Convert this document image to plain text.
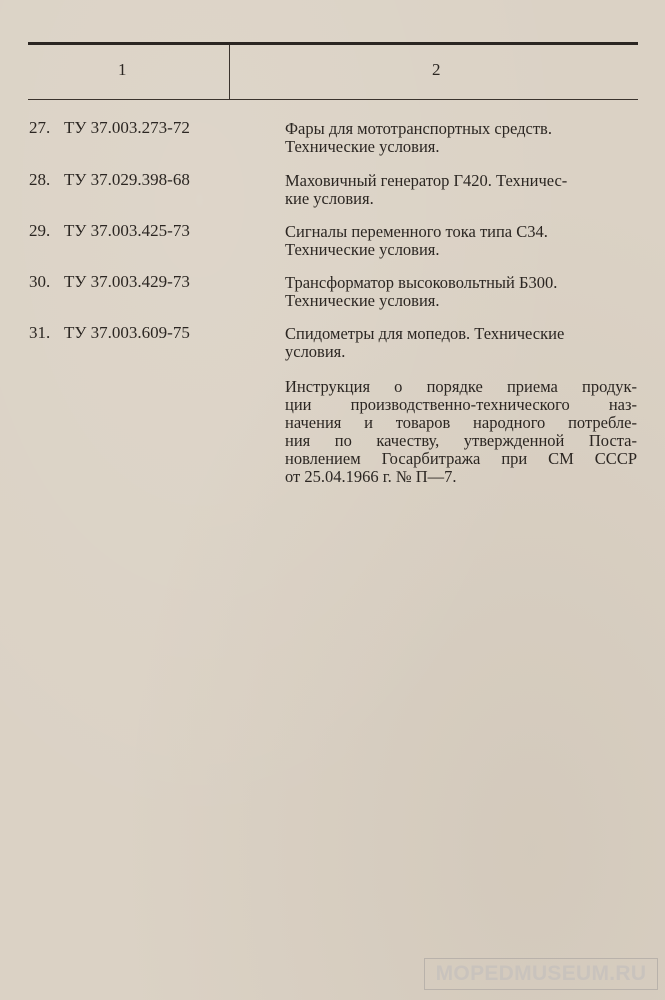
1	2
27. ТУ 37.003.273-72	Фары для мототранспортных средств.
Технические условия.
28. ТУ 37.029.398-68	Маховичный генератор Г420. Техничес-
кие условия.
29. ТУ 37.003.425-73	Сигналы переменного тока типа С34.
Технические условия.
30. ТУ 37.003.429-73	Трансформатор высоковольтный Б300.
Технические условия.
31. ТУ 37.003.609-75	Спидометры для мопедов. Технические
условия.
Инструкция о порядке приема продук-
ции производственно-технического наз-
начения и товаров народного потребле-
ния по качеству, утвержденной Поста-
новлением Госарбитража при СМ СССР
от 25.04.1966 г. № П—7.
MOPEDMUSEUM.RU
